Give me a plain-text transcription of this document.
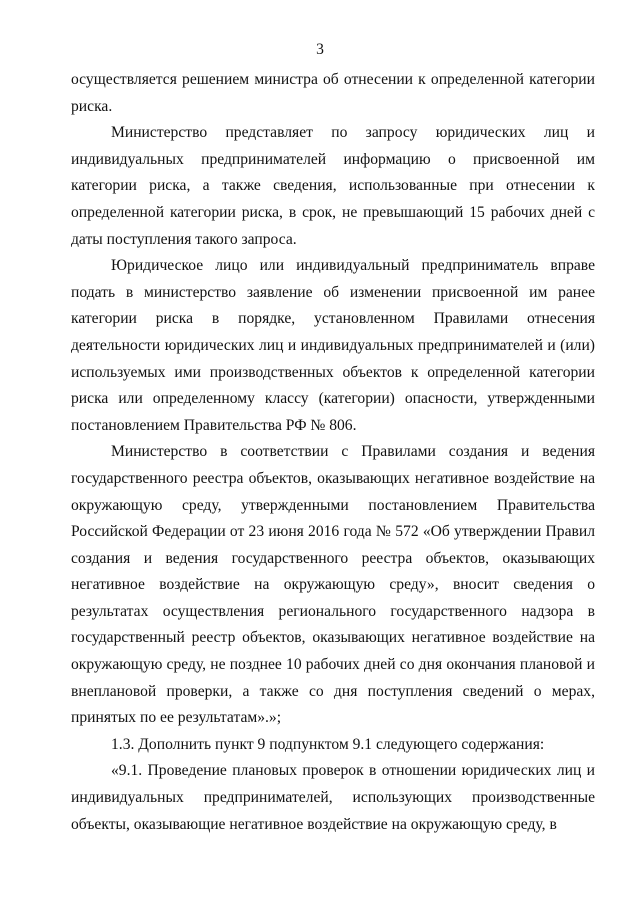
3

осуществляется решением министра об отнесении к определенной категории риска.

Министерство представляет по запросу юридических лиц и индивидуальных предпринимателей информацию о присвоенной им категории риска, а также сведения, использованные при отнесении к определенной категории риска, в срок, не превышающий 15 рабочих дней с даты поступления такого запроса.

Юридическое лицо или индивидуальный предприниматель вправе подать в министерство заявление об изменении присвоенной им ранее категории риска в порядке, установленном Правилами отнесения деятельности юридических лиц и индивидуальных предпринимателей и (или) используемых ими производственных объектов к определенной категории риска или определенному классу (категории) опасности, утвержденными постановлением Правительства РФ № 806.

Министерство в соответствии с Правилами создания и ведения государственного реестра объектов, оказывающих негативное воздействие на окружающую среду, утвержденными постановлением Правительства Российской Федерации от 23 июня 2016 года № 572 «Об утверждении Правил создания и ведения государственного реестра объектов, оказывающих негативное воздействие на окружающую среду», вносит сведения о результатах осуществления регионального государственного надзора в государственный реестр объектов, оказывающих негативное воздействие на окружающую среду, не позднее 10 рабочих дней со дня окончания плановой и внеплановой проверки, а также со дня поступления сведений о мерах, принятых по ее результатам».»;

1.3. Дополнить пункт 9 подпунктом 9.1 следующего содержания:

«9.1. Проведение плановых проверок в отношении юридических лиц и индивидуальных предпринимателей, использующих производственные объекты, оказывающие негативное воздействие на окружающую среду, в
